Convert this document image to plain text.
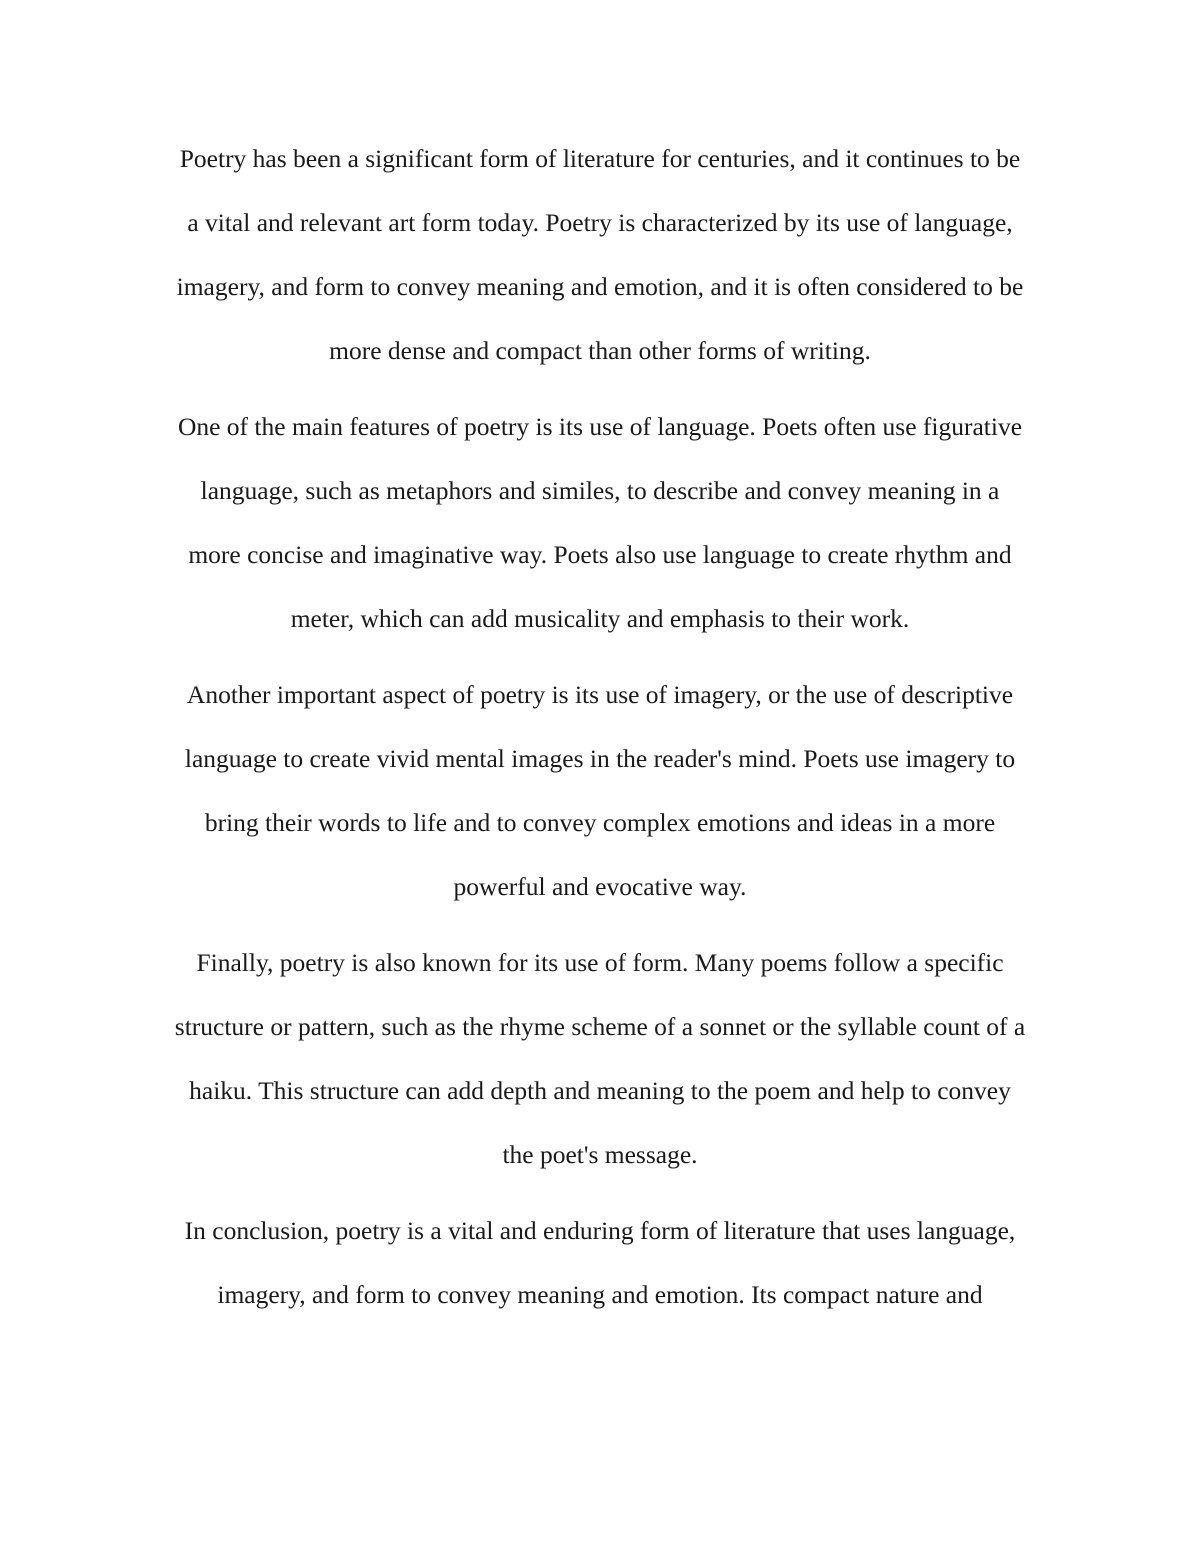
Poetry has been a significant form of literature for centuries, and it continues to be
a vital and relevant art form today. Poetry is characterized by its use of language,
imagery, and form to convey meaning and emotion, and it is often considered to be
more dense and compact than other forms of writing.
One of the main features of poetry is its use of language. Poets often use figurative
language, such as metaphors and similes, to describe and convey meaning in a
more concise and imaginative way. Poets also use language to create rhythm and
meter, which can add musicality and emphasis to their work.
Another important aspect of poetry is its use of imagery, or the use of descriptive
language to create vivid mental images in the reader's mind. Poets use imagery to
bring their words to life and to convey complex emotions and ideas in a more
powerful and evocative way.
Finally, poetry is also known for its use of form. Many poems follow a specific
structure or pattern, such as the rhyme scheme of a sonnet or the syllable count of a
haiku. This structure can add depth and meaning to the poem and help to convey
the poet's message.
In conclusion, poetry is a vital and enduring form of literature that uses language,
imagery, and form to convey meaning and emotion. Its compact nature and
